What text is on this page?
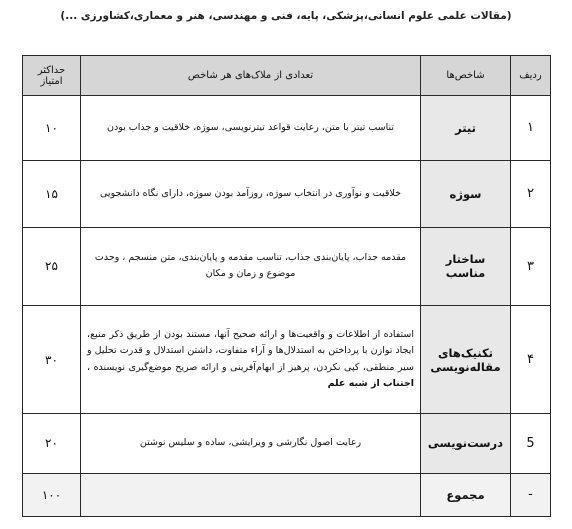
(مقالات علمی علوم انسانی،پزشکی، پایه، فنی و مهندسی، هنر و معماری،کشاورزی ...)
ردیف	شاخص‌ها	تعدادی از ملاک‌های هر شاخص	حداکثر امتیاز
۱	تیتر	تناسب تیتر با متن، رعایت قواعد تیترنویسی، سوژه، خلاقیت و جذاب بودن	۱۰
۲	سوژه	خلاقیت و نوآوری در انتخاب سوژه، روزآمد بودن سوژه، دارای نگاه دانشجویی	۱۵
۳	ساختار مناسب	مقدمه جذاب، پایان‌بندی جذاب، تناسب مقدمه و پایان‌بندی، متن منسجم ، وحدت موضوع و زمان و مکان	۲۵
۴	تکنیک‌های مقاله‌نویسی	استفاده از اطلاعات و واقعیت‌ها و ارائه صحیح آنها، مستند بودن از طریق ذکر منبع، ایجاد توازن با پرداختن به استدلال‌ها و آراء متفاوت، داشتن استدلال و قدرت تحلیل و سیر منطقی، کپی نکردن، پرهیز از ابهام‌آفرینی و ارائه صریح موضع‌گیری نویسنده ، اجتناب از شبه علم	۳۰
5	درست‌نویسی	رعایت اصول نگارشی و ویرایشی، ساده و سلیس نوشتن	۲۰
-	مجموع		۱۰۰
